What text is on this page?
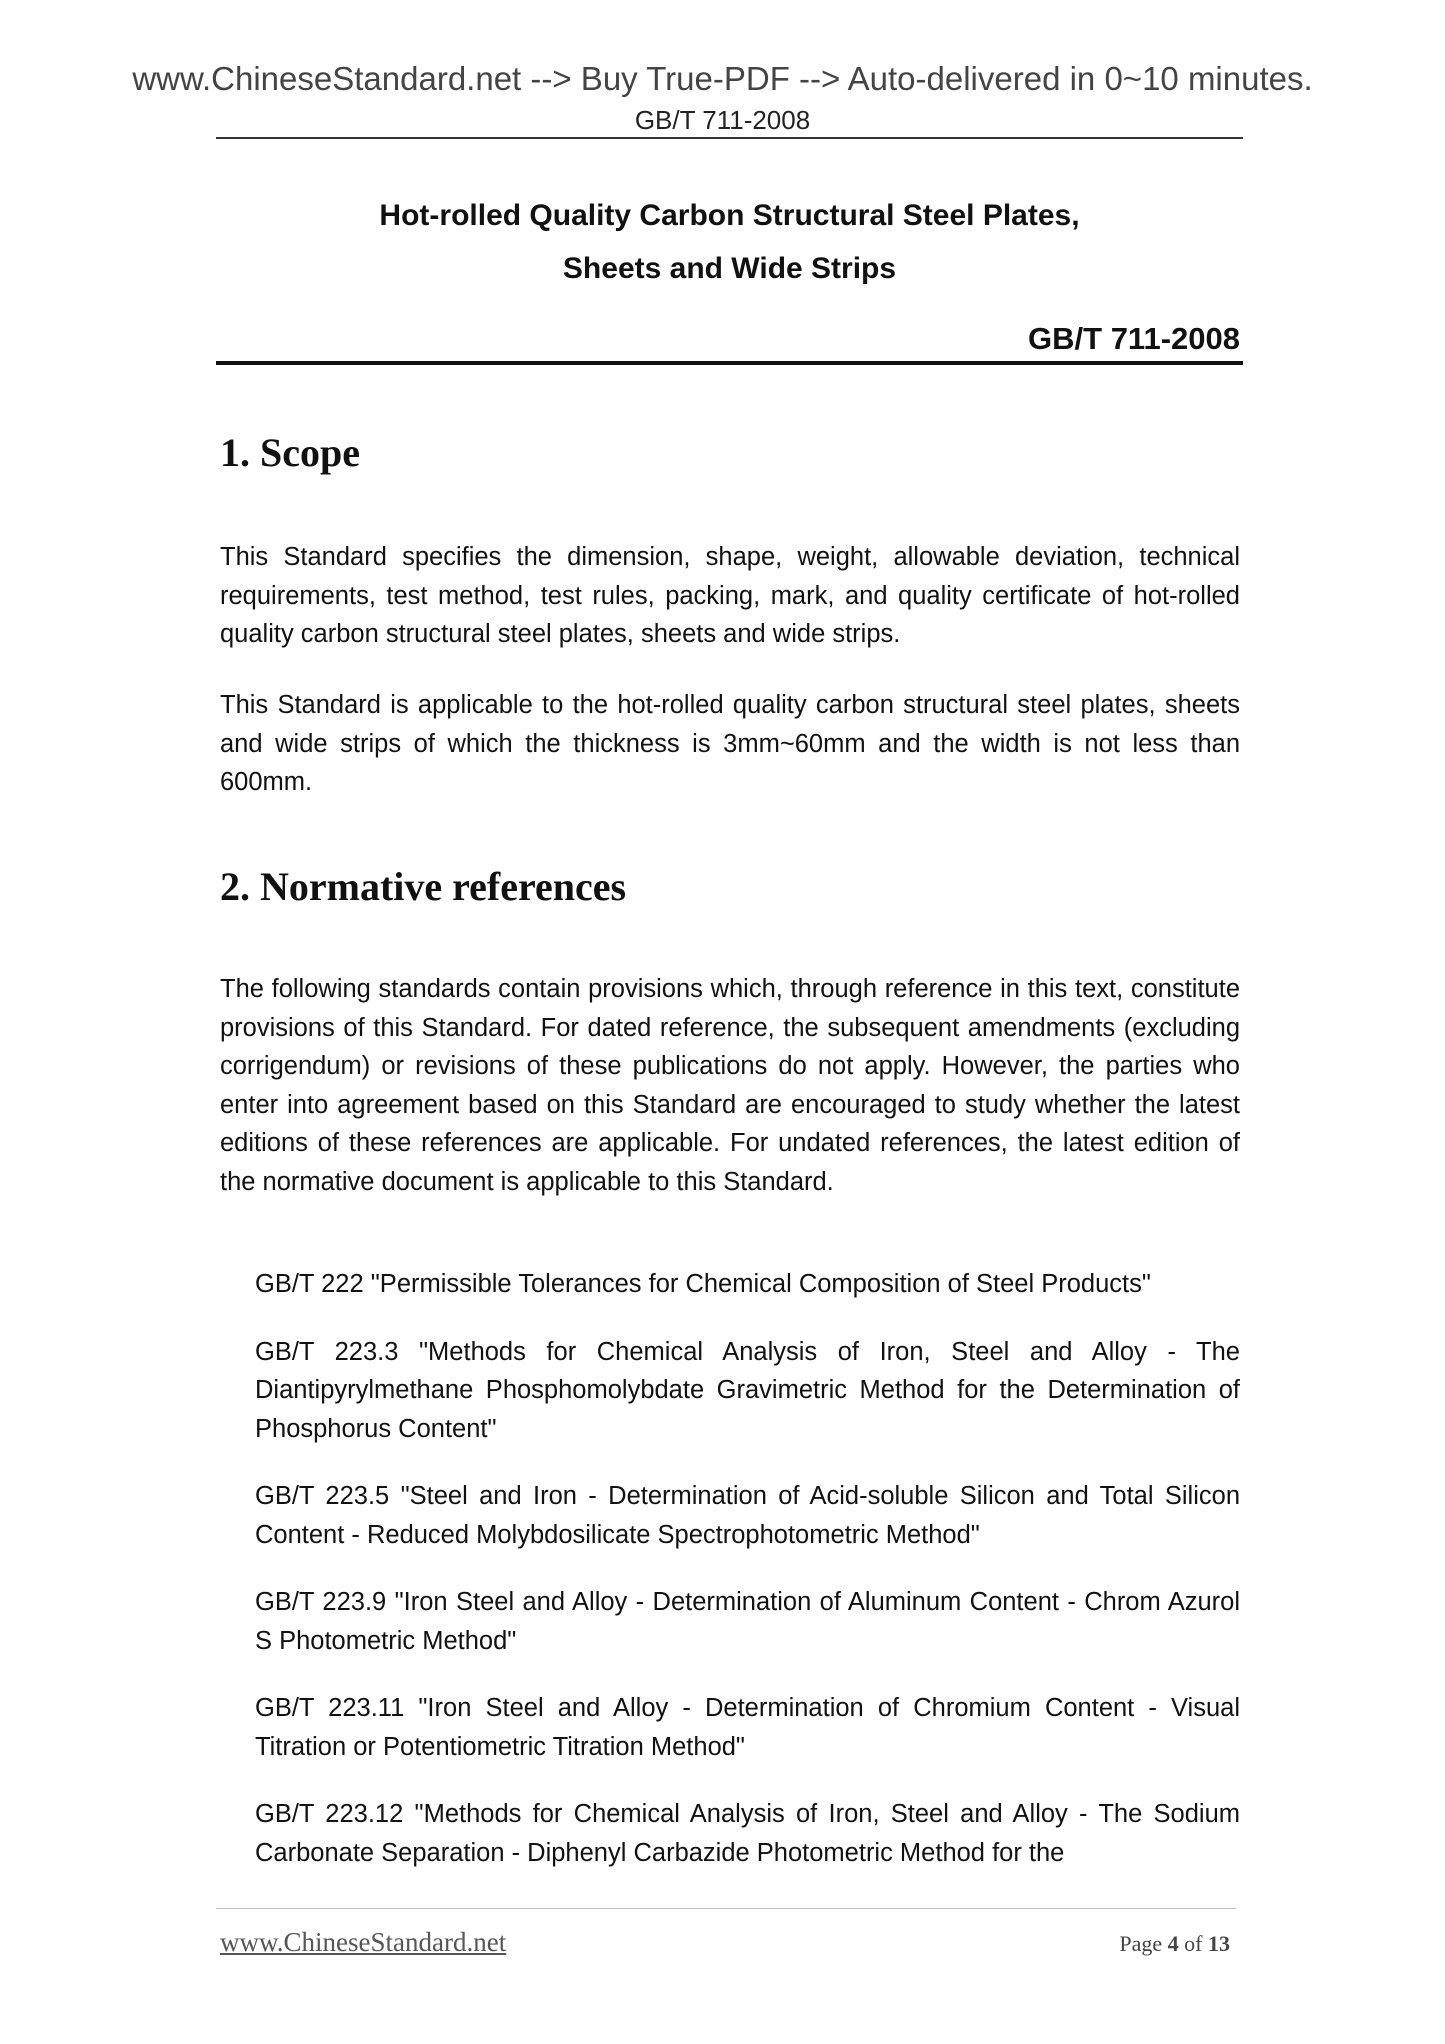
www.ChineseStandard.net --> Buy True-PDF --> Auto-delivered in 0~10 minutes.
GB/T 711-2008
Hot-rolled Quality Carbon Structural Steel Plates,
Sheets and Wide Strips
GB/T 711-2008
1. Scope
This Standard specifies the dimension, shape, weight, allowable deviation, technical requirements, test method, test rules, packing, mark, and quality certificate of hot-rolled quality carbon structural steel plates, sheets and wide strips.
This Standard is applicable to the hot-rolled quality carbon structural steel plates, sheets and wide strips of which the thickness is 3mm~60mm and the width is not less than 600mm.
2. Normative references
The following standards contain provisions which, through reference in this text, constitute provisions of this Standard. For dated reference, the subsequent amendments (excluding corrigendum) or revisions of these publications do not apply. However, the parties who enter into agreement based on this Standard are encouraged to study whether the latest editions of these references are applicable. For undated references, the latest edition of the normative document is applicable to this Standard.
GB/T 222 "Permissible Tolerances for Chemical Composition of Steel Products"
GB/T 223.3 "Methods for Chemical Analysis of Iron, Steel and Alloy - The Diantipyrylmethane Phosphomolybdate Gravimetric Method for the Determination of Phosphorus Content"
GB/T 223.5 "Steel and Iron - Determination of Acid-soluble Silicon and Total Silicon Content - Reduced Molybdosilicate Spectrophotometric Method"
GB/T 223.9 "Iron Steel and Alloy - Determination of Aluminum Content - Chrom Azurol S Photometric Method"
GB/T 223.11 "Iron Steel and Alloy - Determination of Chromium Content - Visual Titration or Potentiometric Titration Method"
GB/T 223.12 "Methods for Chemical Analysis of Iron, Steel and Alloy - The Sodium Carbonate Separation - Diphenyl Carbazide Photometric Method for the
www.ChineseStandard.net	Page 4 of 13
